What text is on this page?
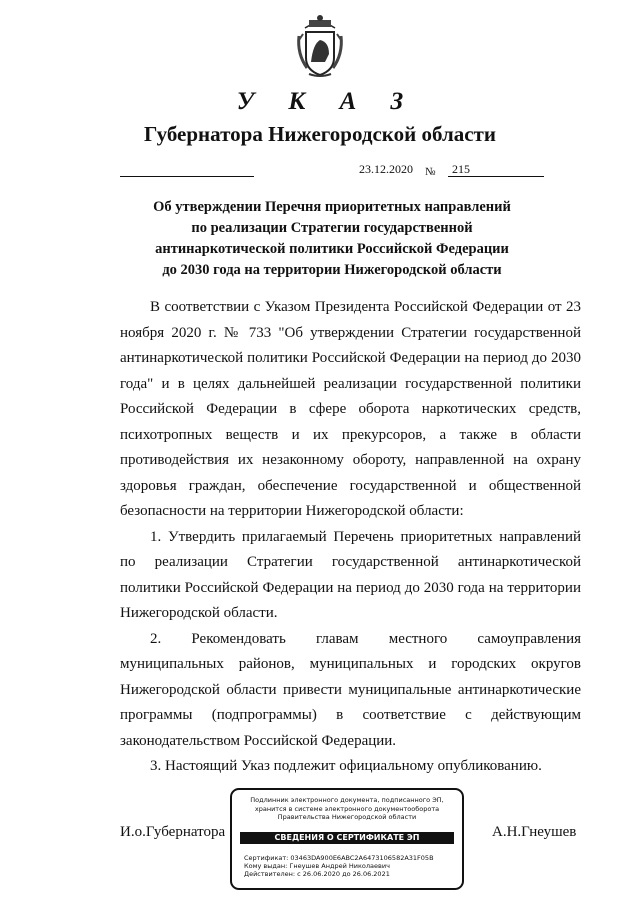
У К А З
Губернатора Нижегородской области
23.12.2020 № 215
Об утверждении Перечня приоритетных направлений
по реализации Стратегии государственной
антинаркотической политики Российской Федерации
до 2030 года на территории Нижегородской области

В соответствии с Указом Президента Российской Федерации от 23 ноября 2020 г. № 733 "Об утверждении Стратегии государственной антинаркотической политики Российской Федерации на период до 2030 года" и в целях дальнейшей реализации государственной политики Российской Федерации в сфере оборота наркотических средств, психотропных веществ и их прекурсоров, а также в области противодействия их незаконному обороту, направленной на охрану здоровья граждан, обеспечение государственной и общественной безопасности на территории Нижегородской области:

1. Утвердить прилагаемый Перечень приоритетных направлений по реализации Стратегии государственной антинаркотической политики Российской Федерации на период до 2030 года на территории Нижегородской области.

2. Рекомендовать главам местного самоуправления муниципальных районов, муниципальных и городских округов Нижегородской области привести муниципальные антинаркотические программы (подпрограммы) в соответствие с действующим законодательством Российской Федерации.

3. Настоящий Указ подлежит официальному опубликованию.

И.о.Губернатора	А.Н.Гнеушев
Подлинник электронного документа, подписанного ЭП, хранится в системе электронного документооборота Правительства Нижегородской области
СВЕДЕНИЯ О СЕРТИФИКАТЕ ЭП
Сертификат: 03463DA900E6ABC2A6473106582A31F05B
Кому выдан: Гнеушев Андрей Николаевич
Действителен: с 26.06.2020 до 26.06.2021
